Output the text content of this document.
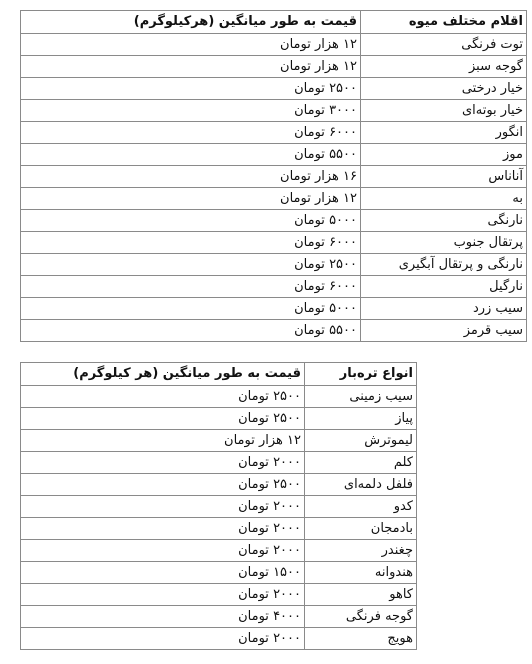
اقلام مختلف میوه	قیمت به طور میانگین (هرکیلوگرم)
توت فرنگی	۱۲ هزار تومان
گوجه سبز	۱۲ هزار تومان
خیار درختی	۲۵۰۰ تومان
خیار بوته‌ای	۳۰۰۰ تومان
انگور	۶۰۰۰ تومان
موز	۵۵۰۰ تومان
آناناس	۱۶ هزار تومان
به	۱۲ هزار تومان
نارنگی	۵۰۰۰ تومان
پرتقال جنوب	۶۰۰۰ تومان
نارنگی و پرتقال آبگیری	۲۵۰۰ تومان
نارگیل	۶۰۰۰ تومان
سیب زرد	۵۰۰۰ تومان
سیب قرمز	۵۵۰۰ تومان
انواع تره‌بار	قیمت به طور میانگین (هر کیلوگرم)
سیب زمینی	۲۵۰۰ تومان
پیاز	۲۵۰۰ تومان
لیموترش	۱۲ هزار تومان
کلم	۲۰۰۰ تومان
فلفل دلمه‌ای	۲۵۰۰ تومان
کدو	۲۰۰۰ تومان
بادمجان	۲۰۰۰ تومان
چغندر	۲۰۰۰ تومان
هندوانه	۱۵۰۰ تومان
کاهو	۲۰۰۰ تومان
گوجه فرنگی	۴۰۰۰ تومان
هویج	۲۰۰۰ تومان
